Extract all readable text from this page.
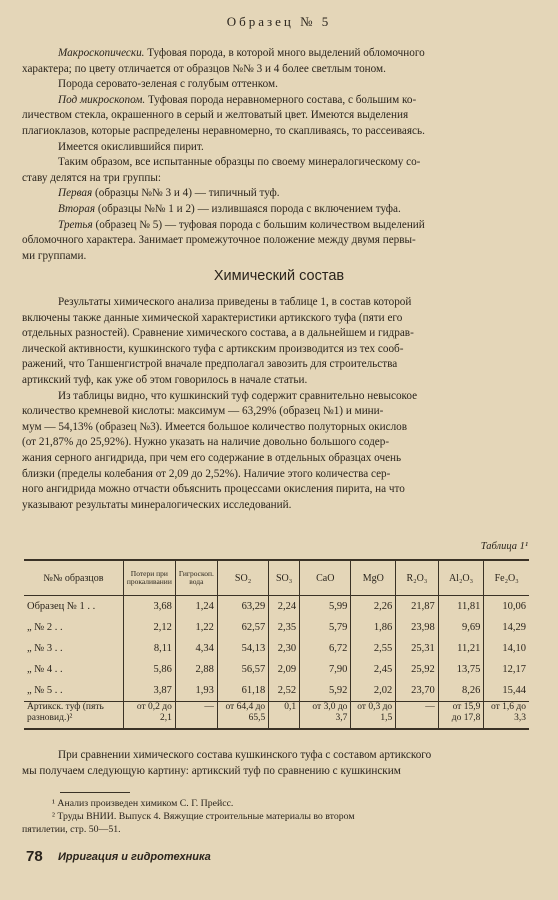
Образец № 5
Макроскопически. Туфовая порода, в которой много выделений обломочного
характера; по цвету отличается от образцов №№ 3 и 4 более светлым тоном.
Порода серовато-зеленая с голубым оттенком.
Под микроскопом. Туфовая порода неравномерного состава, с большим ко-
личеством стекла, окрашенного в серый и желтоватый цвет. Имеются выделения
плагиоклазов, которые распределены неравномерно, то скапливаясь, то рассеиваясь.
Имеется окислившийся пирит.
Таким образом, все испытанные образцы по своему минералогическому со-
ставу делятся на три группы:
Первая (образцы №№ 3 и 4) — типичный туф.
Вторая (образцы №№ 1 и 2) — излившаяся порода с включением туфа.
Третья (образец № 5) — туфовая порода с большим количеством выделений
обломочного характера. Занимает промежуточное положение между двумя первы-
ми группами.
Химический состав
Результаты химического анализа приведены в таблице 1, в состав которой
включены также данные химической характеристики артикского туфа (пяти его
отдельных разностей). Сравнение химического состава, а в дальнейшем и гидрав-
лической активности, кушкинского туфа с артикским производится из тех сооб-
ражений, что Таншенгистрой вначале предполагал завозить для строительства
артикский туф, как уже об этом говорилось в начале статьи.
Из таблицы видно, что кушкинский туф содержит сравнительно невысокое
количество кремневой кислоты: максимум — 63,29% (образец №1) и мини-
мум — 54,13% (образец №3). Имеется большое количество полуторных окислов
(от 21,87% до 25,92%). Нужно указать на наличие довольно большого содер-
жания серного ангидрида, при чем его содержание в отдельных образцах очень
близки (пределы колебания от 2,09 до 2,52%). Наличие этого количества сер-
ного ангидрида можно отчасти объяснить процессами окисления пирита, на что
указывают результаты минералогических исследований.
Таблица 1¹
№№ образцов	Потери при прокаливании	Гигроскоп. вода	SO₂	SO₃	CaO	MgO	R₂O₃	Al₂O₃	Fe₂O₃
Образец № 1 . .	3,68	1,24	63,29	2,24	5,99	2,26	21,87	11,81	10,06
„ № 2 . .	2,12	1,22	62,57	2,35	5,79	1,86	23,98	9,69	14,29
„ № 3 . .	8,11	4,34	54,13	2,30	6,72	2,55	25,31	11,21	14,10
„ № 4 . .	5,86	2,88	56,57	2,09	7,90	2,45	25,92	13,75	12,17
„ № 5 . .	3,87	1,93	61,18	2,52	5,92	2,02	23,70	8,26	15,44
Артикск. туф (пять разновид.)²	от 0,2 до 2,1	—	от 64,4 до 65,5	0,1	от 3,0 до 3,7	от 0,3 до 1,5	—	от 15,9 до 17,8	от 1,6 до 3,3
При сравнении химического состава кушкинского туфа с составом артикского
мы получаем следующую картину: артикский туф по сравнению с кушкинским
¹ Анализ произведен химиком С. Г. Прейсс.
² Труды ВНИИ. Выпуск 4. Вяжущие строительные материалы во втором
пятилетии, стр. 50—51.
78 Ирригация и гидротехника
